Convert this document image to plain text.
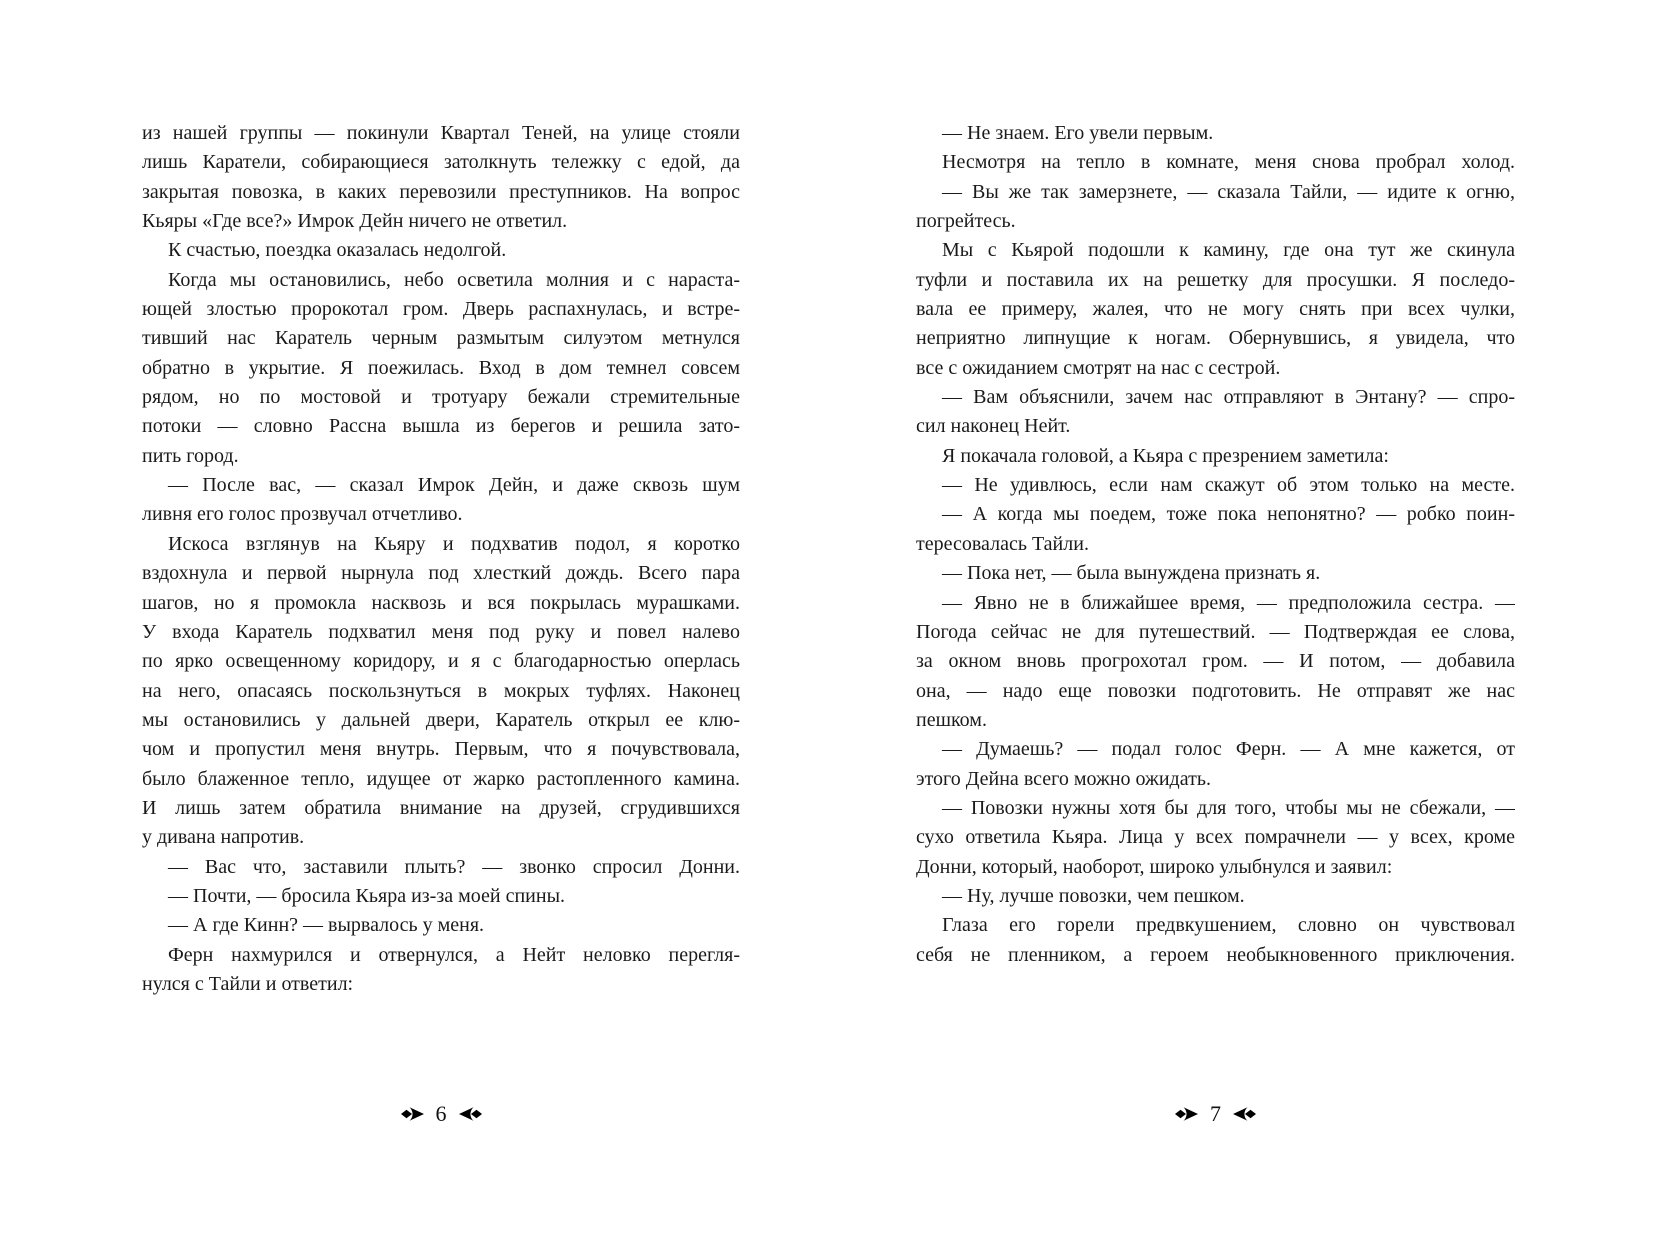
из нашей группы — покинули Квартал Теней, на улице стояли
лишь Каратели, собирающиеся затолкнуть тележку с едой, да
закрытая повозка, в каких перевозили преступников. На вопрос
Кьяры «Где все?» Имрок Дейн ничего не ответил.
К счастью, поездка оказалась недолгой.
Когда мы остановились, небо осветила молния и с нараста-
ющей злостью пророкотал гром. Дверь распахнулась, и встре-
тивший нас Каратель черным размытым силуэтом метнулся
обратно в укрытие. Я поежилась. Вход в дом темнел совсем
рядом, но по мостовой и тротуару бежали стремительные
потоки — словно Рассна вышла из берегов и решила зато-
пить город.
— После вас, — сказал Имрок Дейн, и даже сквозь шум
ливня его голос прозвучал отчетливо.
Искоса взглянув на Кьяру и подхватив подол, я коротко
вздохнула и первой нырнула под хлесткий дождь. Всего пара
шагов, но я промокла насквозь и вся покрылась мурашками.
У входа Каратель подхватил меня под руку и повел налево
по ярко освещенному коридору, и я с благодарностью оперлась
на него, опасаясь поскользнуться в мокрых туфлях. Наконец
мы остановились у дальней двери, Каратель открыл ее клю-
чом и пропустил меня внутрь. Первым, что я почувствовала,
было блаженное тепло, идущее от жарко растопленного камина.
И лишь затем обратила внимание на друзей, сгрудившихся
у дивана напротив.
— Вас что, заставили плыть? — звонко спросил Донни.
— Почти, — бросила Кьяра из-за моей спины.
— А где Кинн? — вырвалось у меня.
Ферн нахмурился и отвернулся, а Нейт неловко перегля-
нулся с Тайли и ответил:
6
— Не знаем. Его увели первым.
Несмотря на тепло в комнате, меня снова пробрал холод.
— Вы же так замерзнете, — сказала Тайли, — идите к огню,
погрейтесь.
Мы с Кьярой подошли к камину, где она тут же скинула
туфли и поставила их на решетку для просушки. Я последо-
вала ее примеру, жалея, что не могу снять при всех чулки,
неприятно липнущие к ногам. Обернувшись, я увидела, что
все с ожиданием смотрят на нас с сестрой.
— Вам объяснили, зачем нас отправляют в Энтану? — спро-
сил наконец Нейт.
Я покачала головой, а Кьяра с презрением заметила:
— Не удивлюсь, если нам скажут об этом только на месте.
— А когда мы поедем, тоже пока непонятно? — робко поин-
тересовалась Тайли.
— Пока нет, — была вынуждена признать я.
— Явно не в ближайшее время, — предположила сестра. —
Погода сейчас не для путешествий. — Подтверждая ее слова,
за окном вновь прогрохотал гром. — И потом, — добавила
она, — надо еще повозки подготовить. Не отправят же нас
пешком.
— Думаешь? — подал голос Ферн. — А мне кажется, от
этого Дейна всего можно ожидать.
— Повозки нужны хотя бы для того, чтобы мы не сбежали, —
сухо ответила Кьяра. Лица у всех помрачнели — у всех, кроме
Донни, который, наоборот, широко улыбнулся и заявил:
— Ну, лучше повозки, чем пешком.
Глаза его горели предвкушением, словно он чувствовал
себя не пленником, а героем необыкновенного приключения.
7
